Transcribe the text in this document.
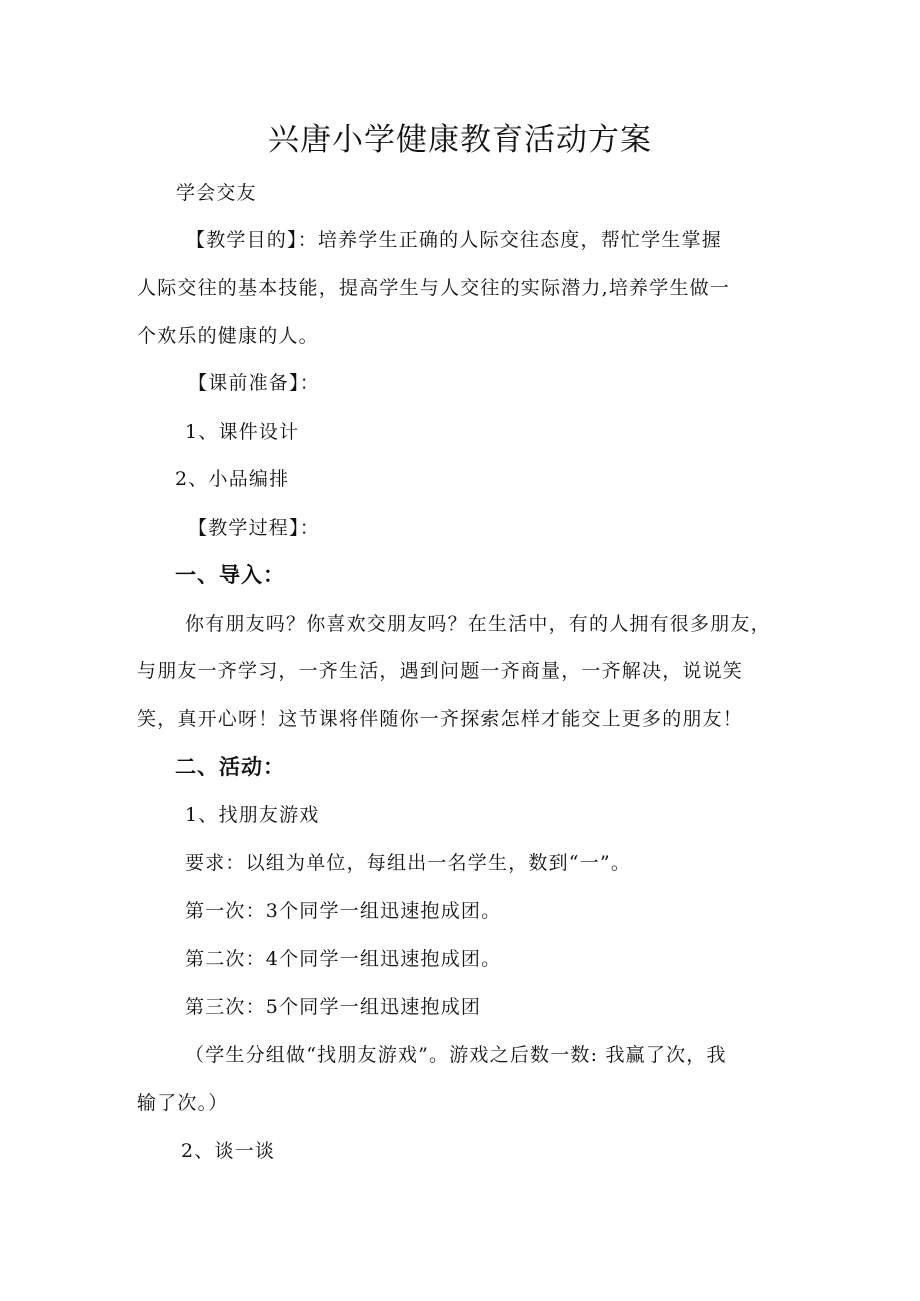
兴唐小学健康教育活动方案
学会交友
【教学目的】：培养学生正确的人际交往态度，帮忙学生掌握
人际交往的基本技能，提高学生与人交往的实际潜力,培养学生做一
个欢乐的健康的人。
【课前准备】：
1、课件设计
2、小品编排
【教学过程】：
一、导入：
你有朋友吗？你喜欢交朋友吗？在生活中，有的人拥有很多朋友，
与朋友一齐学习，一齐生活，遇到问题一齐商量，一齐解决，说说笑
笑，真开心呀！这节课将伴随你一齐探索怎样才能交上更多的朋友！
二、活动：
1、找朋友游戏
要求：以组为单位，每组出一名学生，数到“一”。
第一次：3个同学一组迅速抱成团。
第二次：4个同学一组迅速抱成团。
第三次：5个同学一组迅速抱成团
（学生分组做“找朋友游戏”。游戏之后数一数: 我赢了次，我
输了次。）
2、谈一谈
